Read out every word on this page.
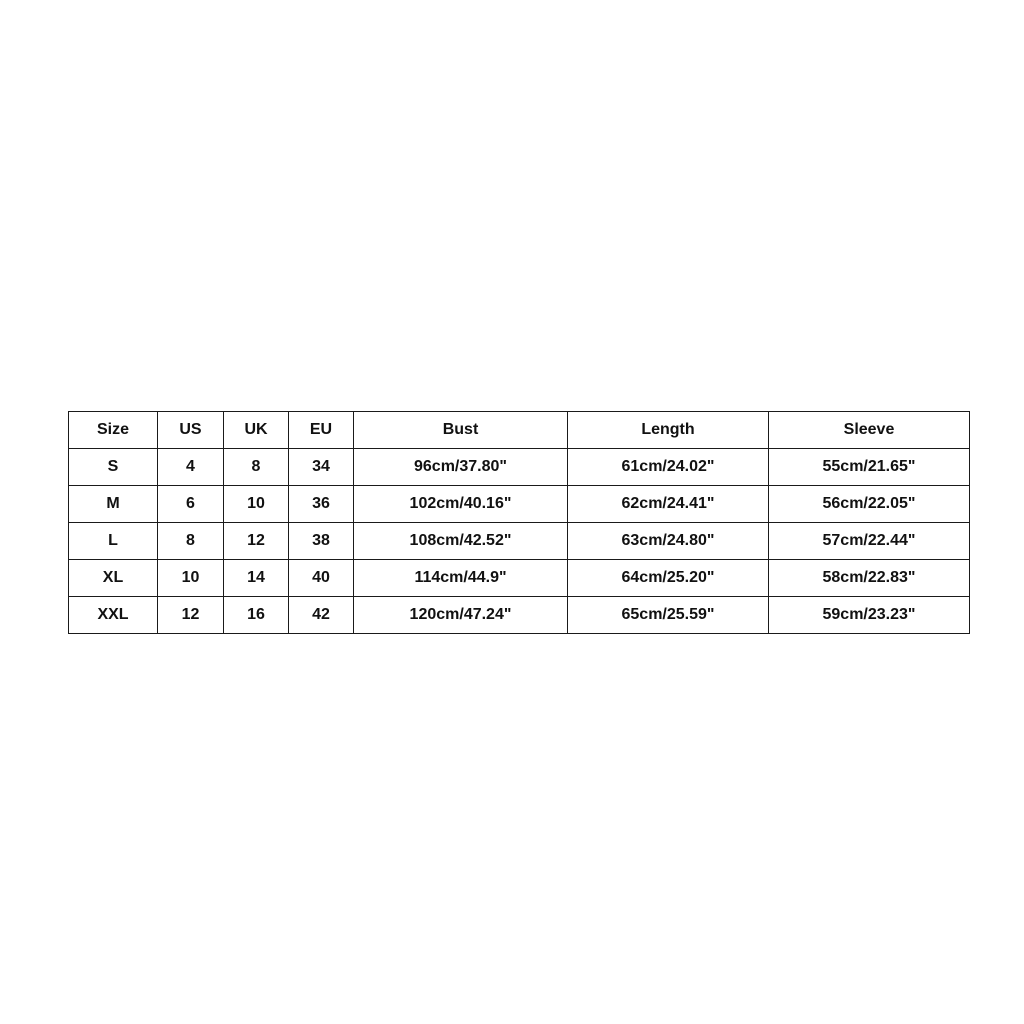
Size	US	UK	EU	Bust	Length	Sleeve
S	4	8	34	96cm/37.80"	61cm/24.02"	55cm/21.65"
M	6	10	36	102cm/40.16"	62cm/24.41"	56cm/22.05"
L	8	12	38	108cm/42.52"	63cm/24.80"	57cm/22.44"
XL	10	14	40	114cm/44.9"	64cm/25.20"	58cm/22.83"
XXL	12	16	42	120cm/47.24"	65cm/25.59"	59cm/23.23"
